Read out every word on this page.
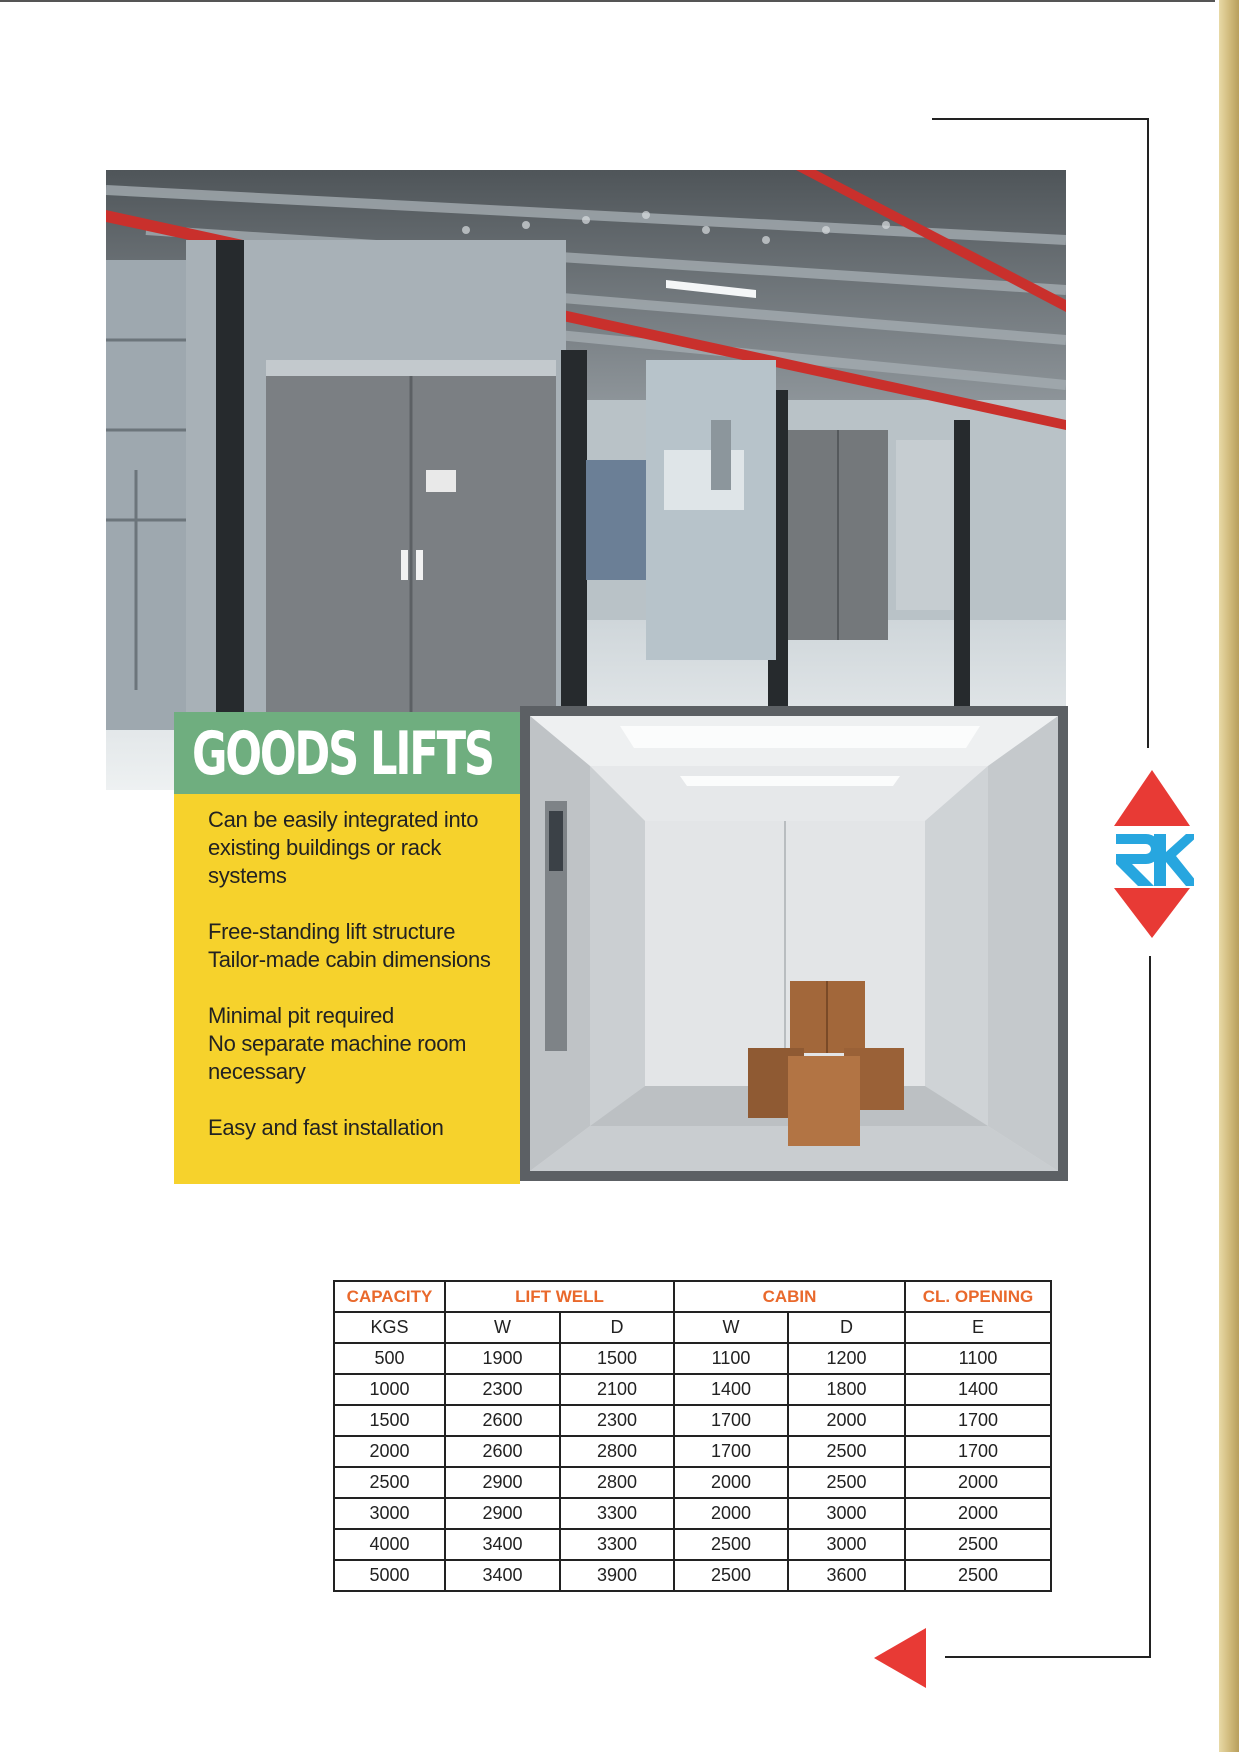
GOODS LIFTS
Can be easily integrated into
existing buildings or rack
systems
Free-standing lift structure
Tailor-made cabin dimensions
Minimal pit required
No separate machine room
necessary
Easy and fast installation
CAPACITY	LIFT WELL		CABIN		CL. OPENING
KGS	W	D	W	D	E
500	1900	1500	1100	1200	1100
1000	2300	2100	1400	1800	1400
1500	2600	2300	1700	2000	1700
2000	2600	2800	1700	2500	1700
2500	2900	2800	2000	2500	2000
3000	2900	3300	2000	3000	2000
4000	3400	3300	2500	3000	2500
5000	3400	3900	2500	3600	2500
